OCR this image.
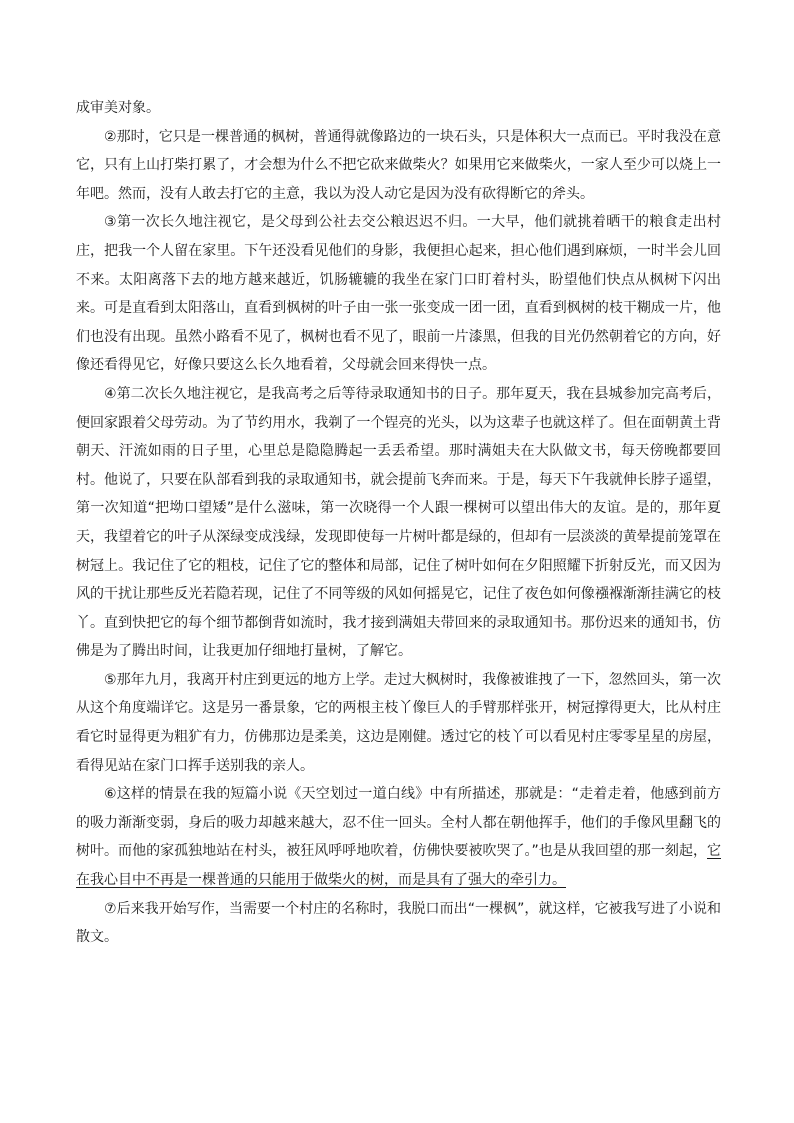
成审美对象。

②那时，它只是一棵普通的枫树，普通得就像路边的一块石头，只是体积大一点而已。平时我没在意它，只有上山打柴打累了，才会想为什么不把它砍来做柴火？如果用它来做柴火，一家人至少可以烧上一年吧。然而，没有人敢去打它的主意，我以为没人动它是因为没有砍得断它的斧头。

③第一次长久地注视它，是父母到公社去交公粮迟迟不归。一大早，他们就挑着晒干的粮食走出村庄，把我一个人留在家里。下午还没看见他们的身影，我便担心起来，担心他们遇到麻烦，一时半会儿回不来。太阳离落下去的地方越来越近，饥肠辘辘的我坐在家门口盯着村头，盼望他们快点从枫树下闪出来。可是直看到太阳落山，直看到枫树的叶子由一张一张变成一团一团，直看到枫树的枝干糊成一片，他们也没有出现。虽然小路看不见了，枫树也看不见了，眼前一片漆黑，但我的目光仍然朝着它的方向，好像还看得见它，好像只要这么长久地看着，父母就会回来得快一点。

④第二次长久地注视它，是我高考之后等待录取通知书的日子。那年夏天，我在县城参加完高考后，便回家跟着父母劳动。为了节约用水，我剃了一个锃亮的光头，以为这辈子也就这样了。但在面朝黄土背朝天、汗流如雨的日子里，心里总是隐隐腾起一丢丢希望。那时满姐夫在大队做文书，每天傍晚都要回村。他说了，只要在队部看到我的录取通知书，就会提前飞奔而来。于是，每天下午我就伸长脖子遥望，第一次知道“把坳口望矮”是什么滋味，第一次晓得一个人跟一棵树可以望出伟大的友谊。是的，那年夏天，我望着它的叶子从深绿变成浅绿，发现即使每一片树叶都是绿的，但却有一层淡淡的黄晕提前笼罩在树冠上。我记住了它的粗枝，记住了它的整体和局部，记住了树叶如何在夕阳照耀下折射反光，而又因为风的干扰让那些反光若隐若现，记住了不同等级的风如何摇晃它，记住了夜色如何像襁褓渐渐挂满它的枝丫。直到快把它的每个细节都倒背如流时，我才接到满姐夫带回来的录取通知书。那份迟来的通知书，仿佛是为了腾出时间，让我更加仔细地打量树，了解它。

⑤那年九月，我离开村庄到更远的地方上学。走过大枫树时，我像被谁拽了一下，忽然回头，第一次从这个角度端详它。这是另一番景象，它的两根主枝丫像巨人的手臂那样张开，树冠撑得更大，比从村庄看它时显得更为粗犷有力，仿佛那边是柔美，这边是刚健。透过它的枝丫可以看见村庄零零星星的房屋，看得见站在家门口挥手送别我的亲人。

⑥这样的情景在我的短篇小说《天空划过一道白线》中有所描述，那就是：“走着走着，他感到前方的吸力渐渐变弱，身后的吸力却越来越大，忍不住一回头。全村人都在朝他挥手，他们的手像风里翻飞的树叶。而他的家孤独地站在村头，被狂风呼呼地吹着，仿佛快要被吹哭了。”也是从我回望的那一刻起，它在我心目中不再是一棵普通的只能用于做柴火的树，而是具有了强大的牵引力。

⑦后来我开始写作，当需要一个村庄的名称时，我脱口而出“一棵枫”，就这样，它被我写进了小说和散文。
